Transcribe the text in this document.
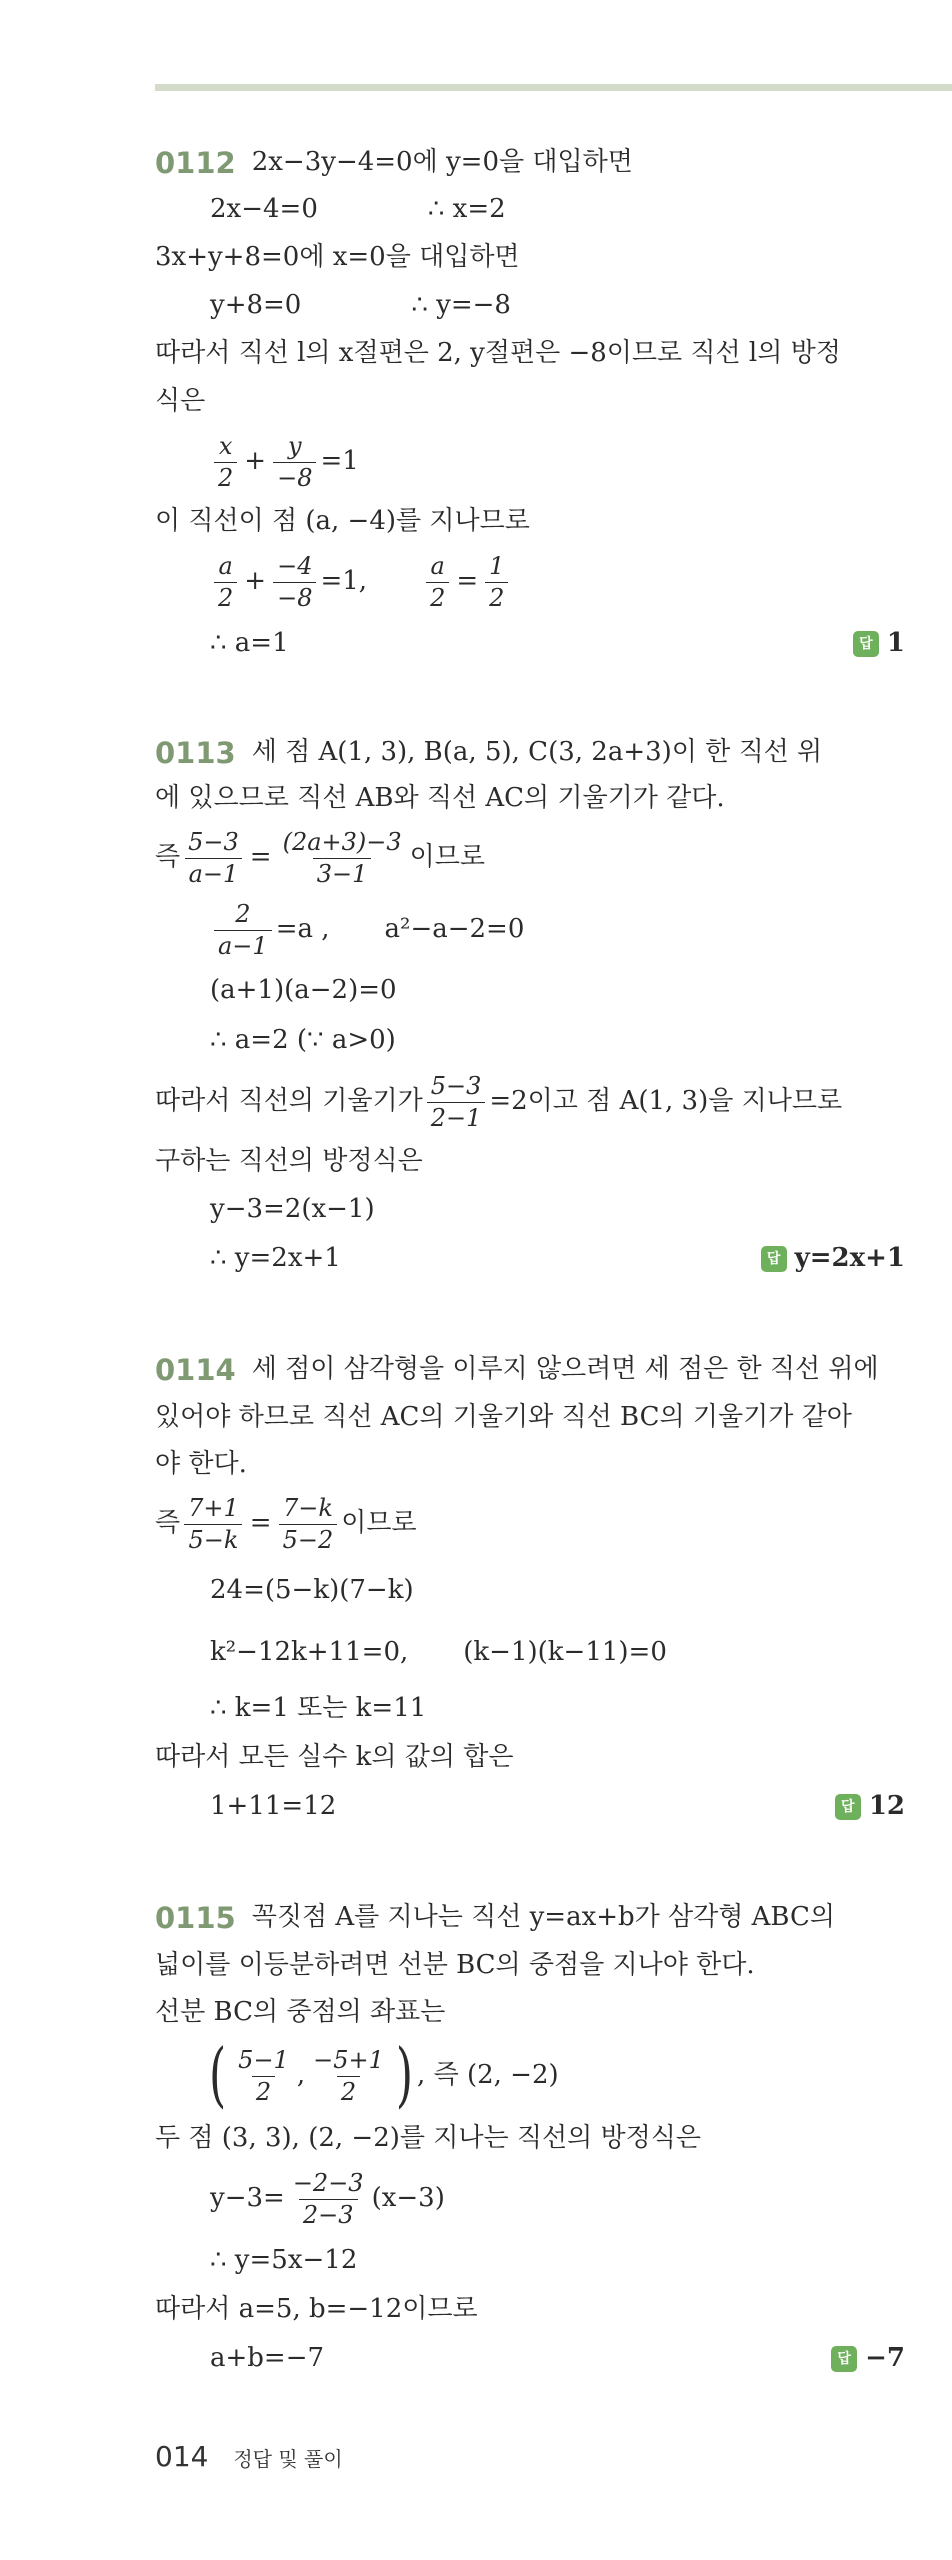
0112 2x−3y−4=0에 y=0을 대입하면
2x−4=0	∴ x=2
3x+y+8=0에 x=0을 대입하면
y+8=0	∴ y=−8
따라서 직선 l의 x절편은 2, y절편은 −8이므로 직선 l의 방정
식은
$\frac{x}{2} + \frac{y}{-8} =1$
이 직선이 점 (a, −4)를 지나므로
$\frac{a}{2} + \frac{-4}{-8} =1$, $\frac{a}{2} = \frac{1}{2}$
∴ a=1	답 1
0113 세 점 A(1, 3), B(a, 5), C(3, 2a+3)이 한 직선 위
에 있으므로 직선 AB와 직선 AC의 기울기가 같다.
즉 $\frac{5-3}{a-1} = \frac{(2a+3)-3}{3-1}$ 이므로
$\frac{2}{a-1} =a$ , a²−a−2=0
(a+1)(a−2)=0
∴ a=2 (∵ a>0)
따라서 직선의 기울기가 $\frac{5-3}{2-1} =2$이고 점 A(1, 3)을 지나므로
구하는 직선의 방정식은
y−3=2(x−1)
∴ y=2x+1	답 y=2x+1
0114 세 점이 삼각형을 이루지 않으려면 세 점은 한 직선 위에
있어야 하므로 직선 AC의 기울기와 직선 BC의 기울기가 같아
야 한다.
즉 $\frac{7+1}{5-k} = \frac{7-k}{5-2}$ 이므로
24=(5−k)(7−k)
k²−12k+11=0, (k−1)(k−11)=0
∴ k=1 또는 k=11
따라서 모든 실수 k의 값의 합은
1+11=12	답 12
0115 꼭짓점 A를 지나는 직선 y=ax+b가 삼각형 ABC의
넓이를 이등분하려면 선분 BC의 중점을 지나야 한다.
선분 BC의 중점의 좌표는
( $\frac{5-1}{2}$ , $\frac{-5+1}{2}$ ) , 즉 (2, −2)
두 점 (3, 3), (2, −2)를 지나는 직선의 방정식은
$y-3= \frac{-2-3}{2-3} (x-3)$
∴ y=5x−12
따라서 a=5, b=−12이므로
a+b=−7	답 −7
014 정답 및 풀이
